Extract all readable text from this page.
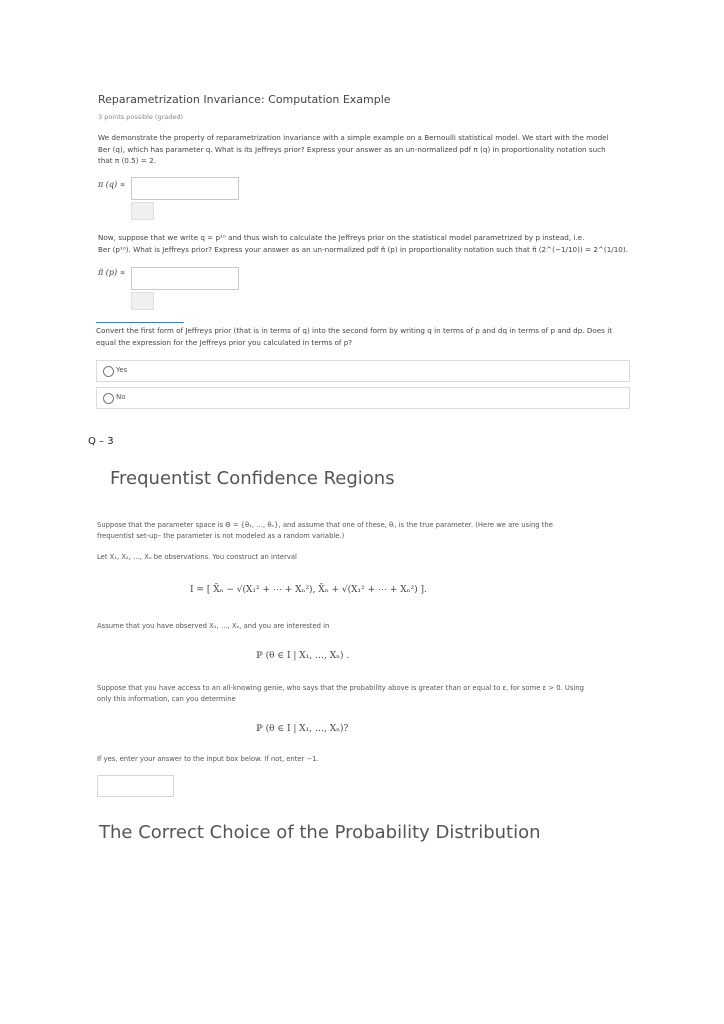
Reparametrization Invariance: Computation Example
3 points possible (graded)
We demonstrate the property of reparametrization invariance with a simple example on a Bernoulli statistical model. We start with the model
Ber (q), which has parameter q. What is its Jeffreys prior? Express your answer as an un-normalized pdf π (q) in proportionality notation such
that π (0.5) = 2.
π (q) ∝
Now, suppose that we write q = p¹⁰ and thus wish to calculate the Jeffreys prior on the statistical model parametrized by p instead, i.e.
Ber (p¹⁰). What is Jeffreys prior? Express your answer as an un-normalized pdf π̃ (p) in proportionality notation such that π̃ (2^(−1/10)) = 2^(1/10).
π̃ (p) ∝
Convert the first form of Jeffreys prior (that is in terms of q) into the second form by writing q in terms of p and dq in terms of p and dp. Does it
equal the expression for the Jeffreys prior you calculated in terms of p?
Yes
No
Q – 3
Frequentist Confidence Regions
Suppose that the parameter space is Θ = {θ₁, …, θₙ}, and assume that one of these, θᵢ, is the true parameter. (Here we are using the
frequentist set-up– the parameter is not modeled as a random variable.)
Let X₁, X₂, …, Xₙ be observations. You construct an interval
I = [ X̄ₙ − √(X₁² + ⋯ + Xₙ²), X̄ₙ + √(X₁² + ⋯ + Xₙ²) ].
Assume that you have observed X₁, …, Xₙ, and you are interested in
ℙ (θ ∈ I | X₁, …, Xₙ) .
Suppose that you have access to an all-knowing genie, who says that the probability above is greater than or equal to ε, for some ε > 0. Using
only this information, can you determine
ℙ (θ ∈ I | X₁, …, Xₙ)?
If yes, enter your answer to the input box below. If not, enter −1.
The Correct Choice of the Probability Distribution
